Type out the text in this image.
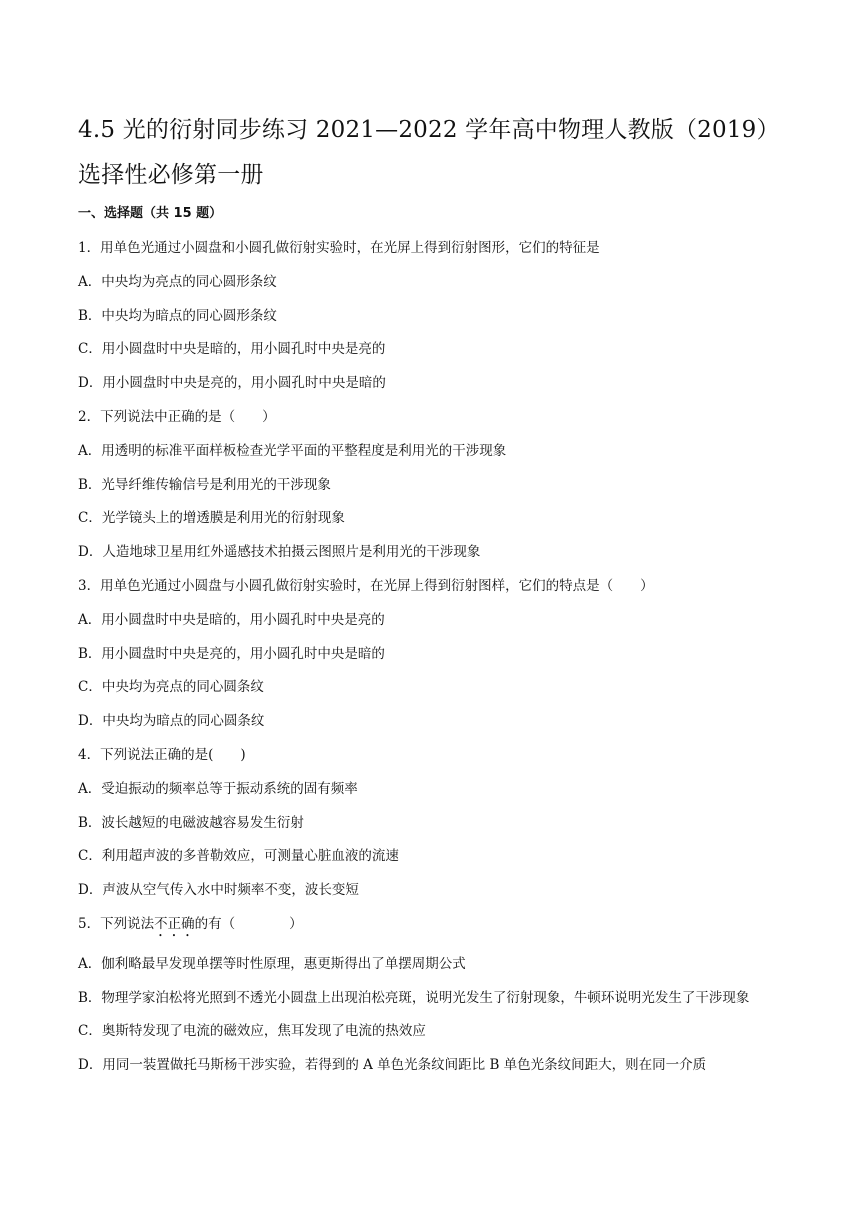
4.5 光的衍射同步练习 2021—2022 学年高中物理人教版（2019）选择性必修第一册
一、选择题（共 15 题）
1．用单色光通过小圆盘和小圆孔做衍射实验时，在光屏上得到衍射图形，它们的特征是
A．中央均为亮点的同心圆形条纹
B．中央均为暗点的同心圆形条纹
C．用小圆盘时中央是暗的，用小圆孔时中央是亮的
D．用小圆盘时中央是亮的，用小圆孔时中央是暗的
2．下列说法中正确的是（　　）
A．用透明的标准平面样板检查光学平面的平整程度是利用光的干涉现象
B．光导纤维传输信号是利用光的干涉现象
C．光学镜头上的增透膜是利用光的衍射现象
D．人造地球卫星用红外遥感技术拍摄云图照片是利用光的干涉现象
3．用单色光通过小圆盘与小圆孔做衍射实验时，在光屏上得到衍射图样，它们的特点是（　　）
A．用小圆盘时中央是暗的，用小圆孔时中央是亮的
B．用小圆盘时中央是亮的，用小圆孔时中央是暗的
C．中央均为亮点的同心圆条纹
D．中央均为暗点的同心圆条纹
4．下列说法正确的是(　　)
A．受迫振动的频率总等于振动系统的固有频率
B．波长越短的电磁波越容易发生衍射
C．利用超声波的多普勒效应，可测量心脏血液的流速
D．声波从空气传入水中时频率不变，波长变短
5．下列说法不正确的有（　　　　）
A．伽利略最早发现单摆等时性原理，惠更斯得出了单摆周期公式
B．物理学家泊松将光照到不透光小圆盘上出现泊松亮斑，说明光发生了衍射现象，牛顿环说明光发生了干涉现象
C．奥斯特发现了电流的磁效应，焦耳发现了电流的热效应
D．用同一装置做托马斯杨干涉实验，若得到的 A 单色光条纹间距比 B 单色光条纹间距大，则在同一介质
